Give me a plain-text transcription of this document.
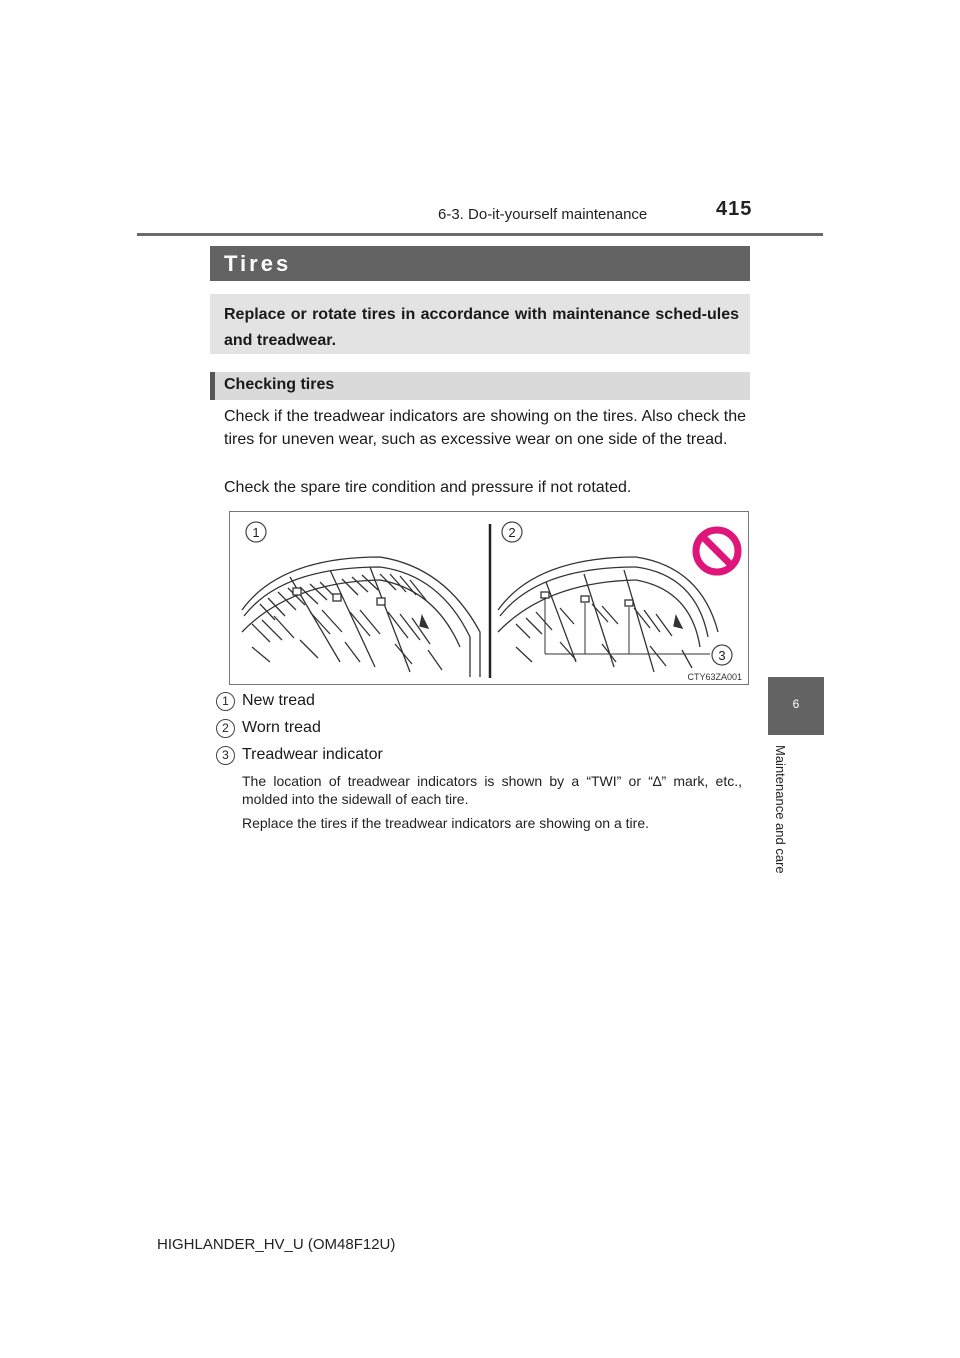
6-3. Do-it-yourself maintenance	415
Tires
Replace or rotate tires in accordance with maintenance sched-ules and treadwear.
Checking tires
Check if the treadwear indicators are showing on the tires. Also check the tires for uneven wear, such as excessive wear on one side of the tread.
Check the spare tire condition and pressure if not rotated.
1	2
3
CTY63ZA001
1 New tread
2 Worn tread
3 Treadwear indicator
The location of treadwear indicators is shown by a “TWI” or “∆” mark, etc., molded into the sidewall of each tire.
Replace the tires if the treadwear indicators are showing on a tire.
6
Maintenance and care
HIGHLANDER_HV_U (OM48F12U)
